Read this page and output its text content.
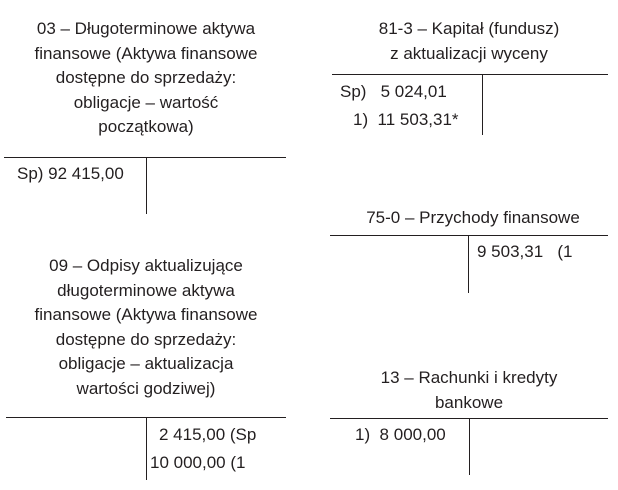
03 – Długoterminowe aktywa
finansowe (Aktywa finansowe
dostępne do sprzedaży:
obligacje – wartość
początkowa)
Sp) 92 415,00
09 – Odpisy aktualizujące
długoterminowe aktywa
finansowe (Aktywa finansowe
dostępne do sprzedaży:
obligacje – aktualizacja
wartości godziwej)
2 415,00 (Sp
10 000,00 (1
81-3 – Kapitał (fundusz)
z aktualizacji wyceny
Sp)   5 024,01
1)  11 503,31*
75-0 – Przychody finansowe
9 503,31   (1
13 – Rachunki i kredyty
bankowe
1)  8 000,00
